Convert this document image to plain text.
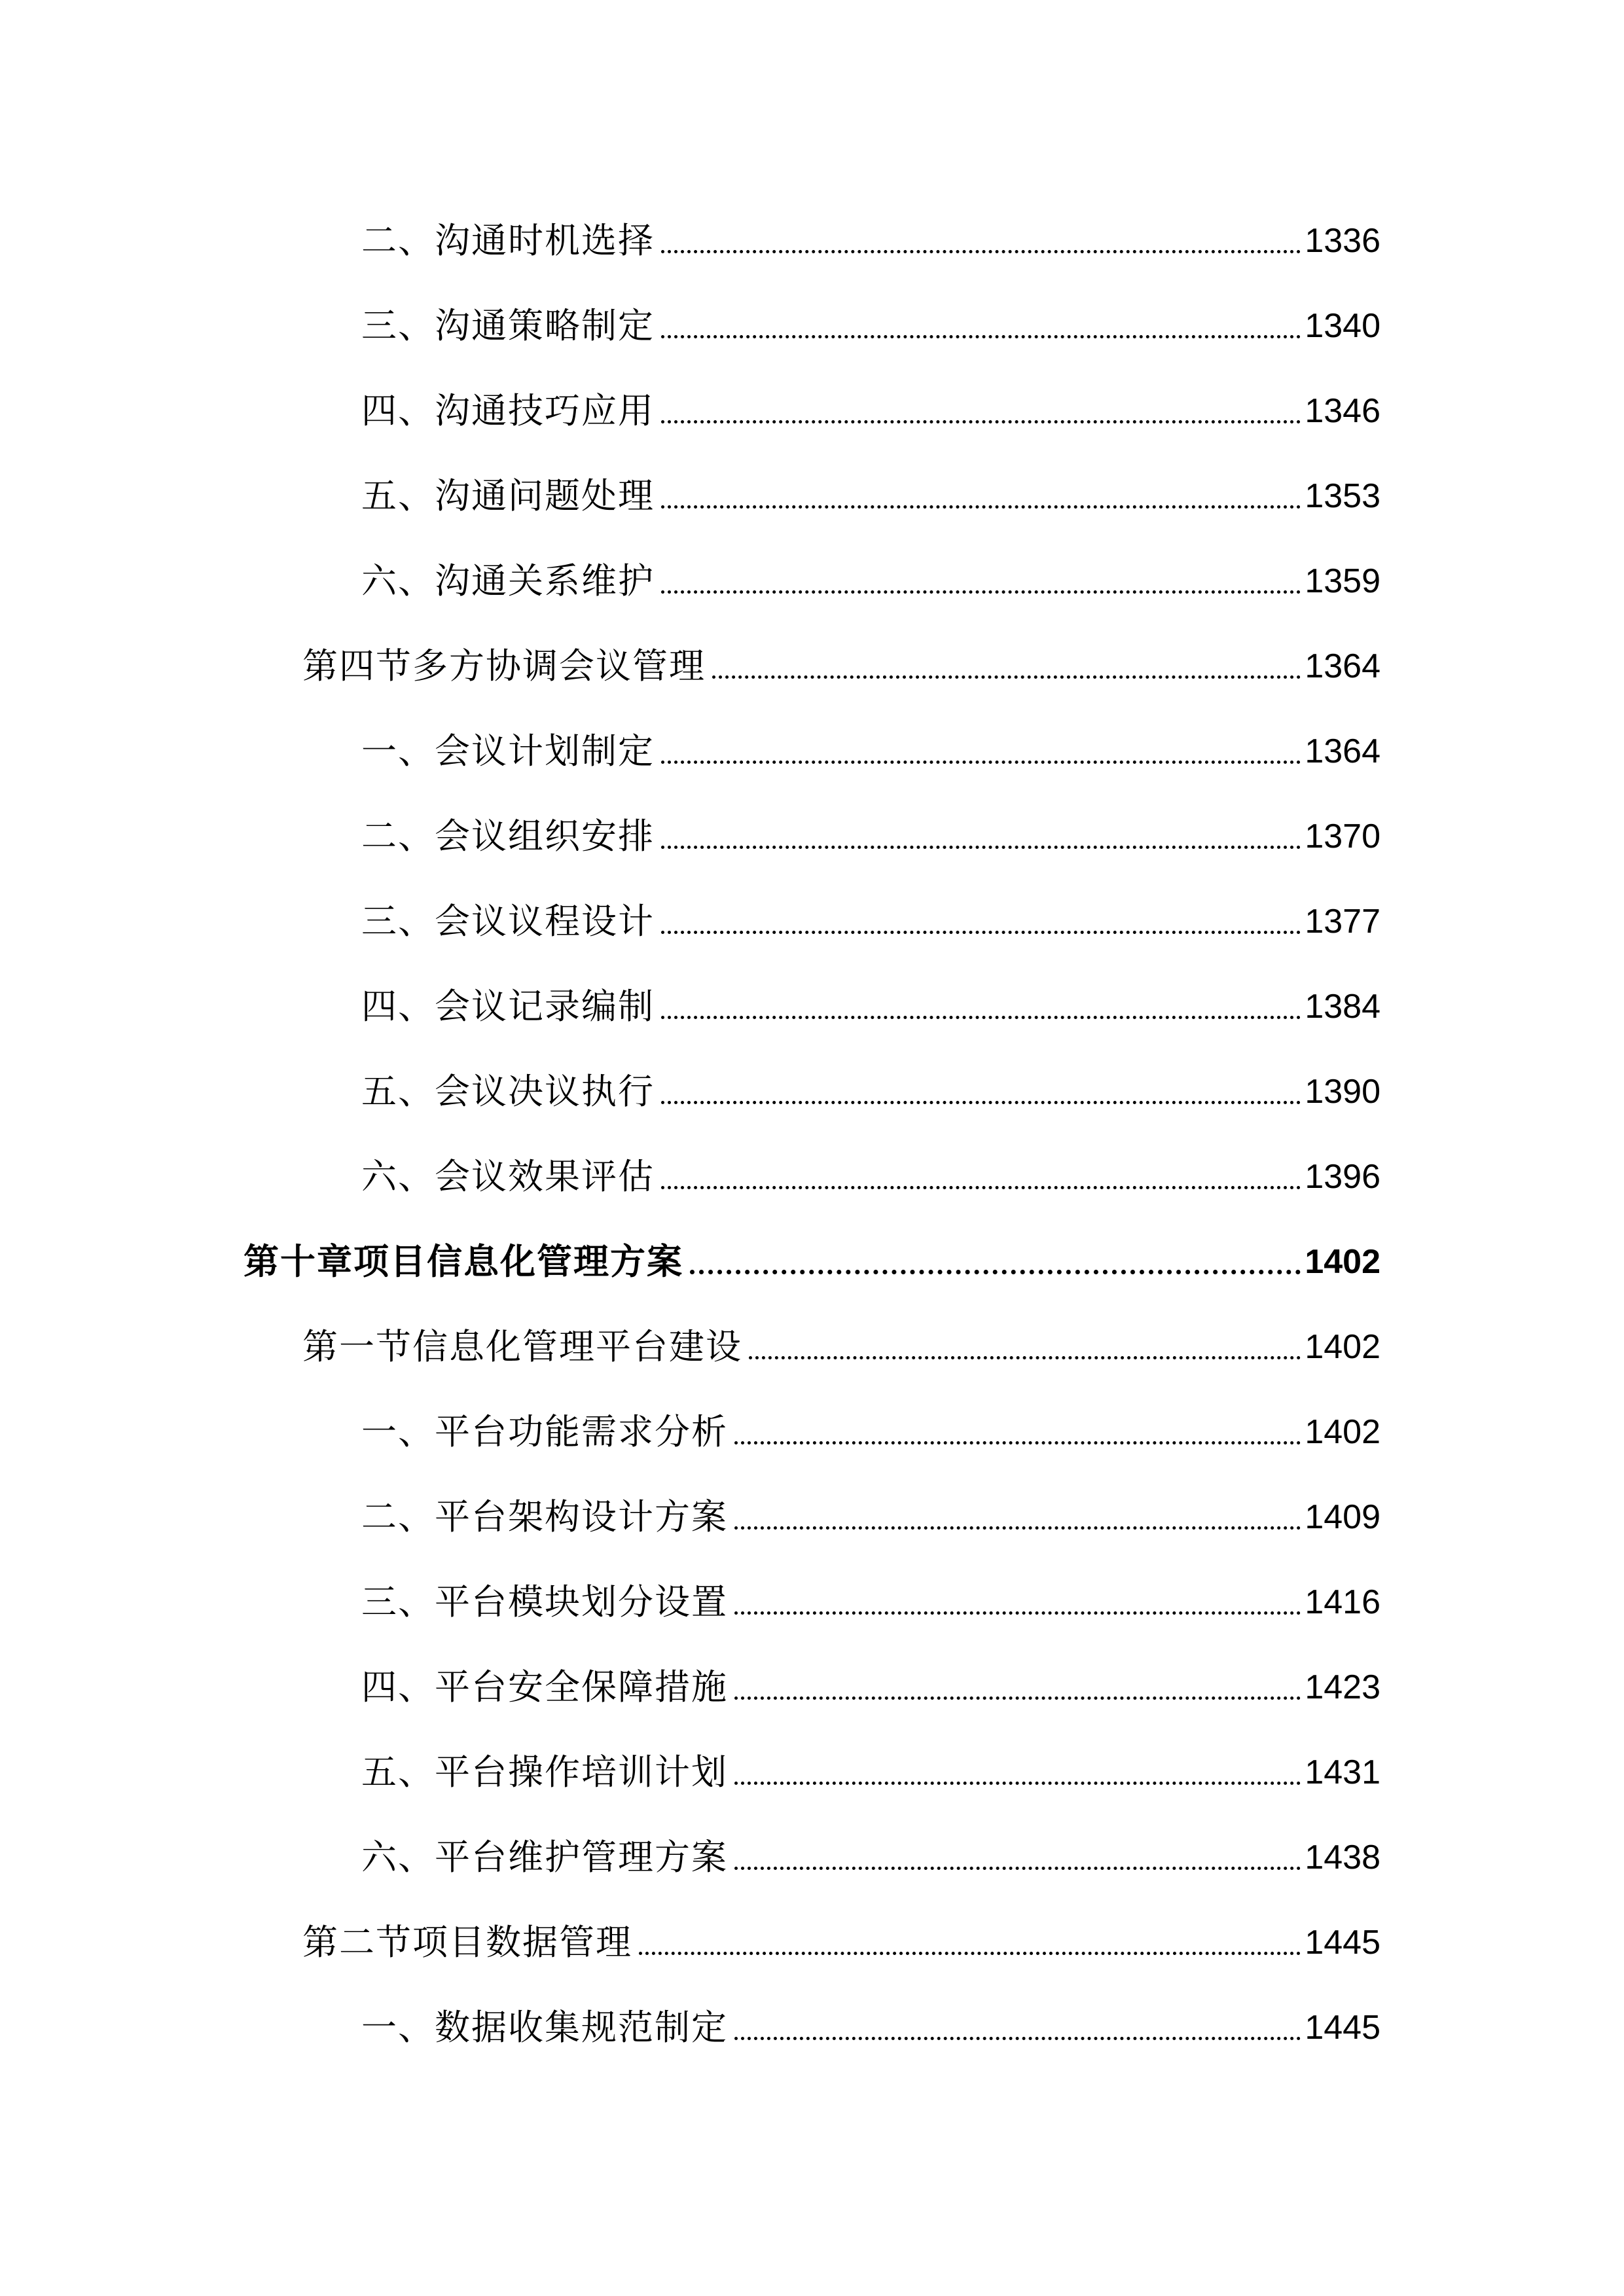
二、沟通时机选择	1336
三、沟通策略制定	1340
四、沟通技巧应用	1346
五、沟通问题处理	1353
六、沟通关系维护	1359
第四节多方协调会议管理	1364
一、会议计划制定	1364
二、会议组织安排	1370
三、会议议程设计	1377
四、会议记录编制	1384
五、会议决议执行	1390
六、会议效果评估	1396
第十章项目信息化管理方案	1402
第一节信息化管理平台建设	1402
一、平台功能需求分析	1402
二、平台架构设计方案	1409
三、平台模块划分设置	1416
四、平台安全保障措施	1423
五、平台操作培训计划	1431
六、平台维护管理方案	1438
第二节项目数据管理	1445
一、数据收集规范制定	1445
